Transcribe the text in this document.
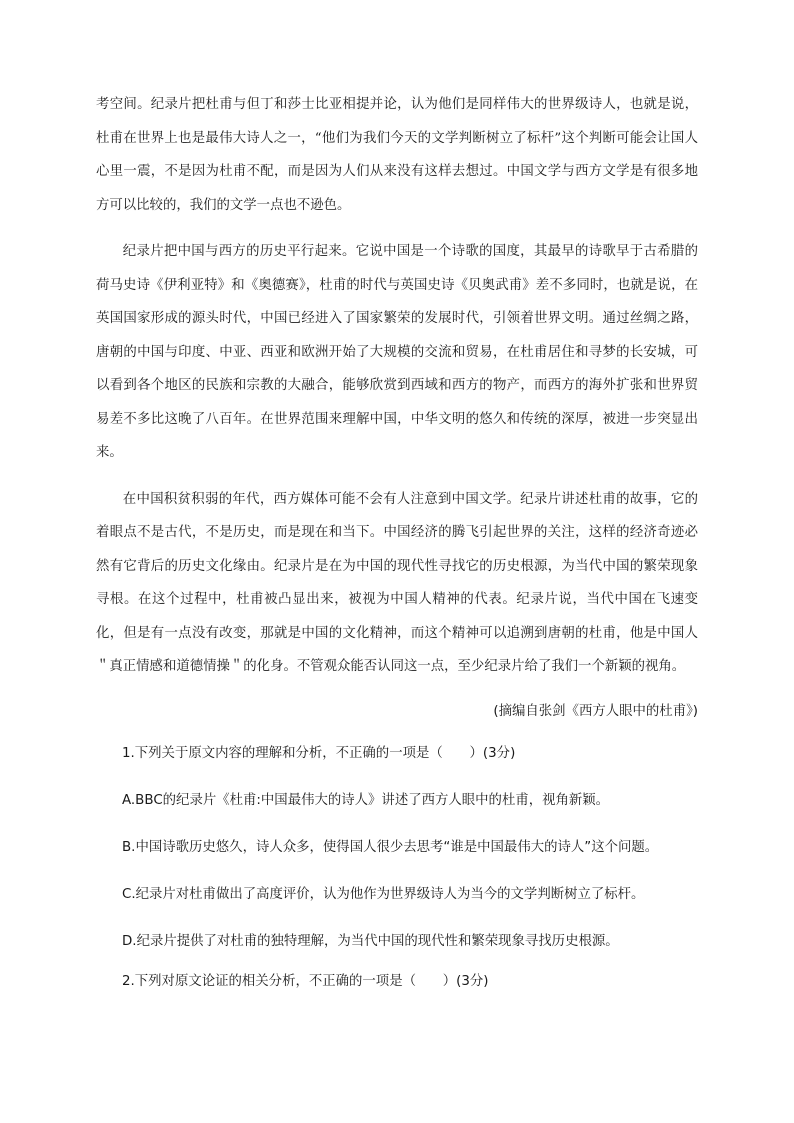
考空间。纪录片把杜甫与但丁和莎士比亚相提并论，认为他们是同样伟大的世界级诗人，也就是说，杜甫在世界上也是最伟大诗人之一，“他们为我们今天的文学判断树立了标杆”这个判断可能会让国人心里一震，不是因为杜甫不配，而是因为人们从来没有这样去想过。中国文学与西方文学是有很多地方可以比较的，我们的文学一点也不逊色。

纪录片把中国与西方的历史平行起来。它说中国是一个诗歌的国度，其最早的诗歌早于古希腊的荷马史诗《伊利亚特》和《奥德赛》，杜甫的时代与英国史诗《贝奥武甫》差不多同时，也就是说，在英国国家形成的源头时代，中国已经进入了国家繁荣的发展时代，引领着世界文明。通过丝绸之路，唐朝的中国与印度、中亚、西亚和欧洲开始了大规模的交流和贸易，在杜甫居住和寻梦的长安城，可以看到各个地区的民族和宗教的大融合，能够欣赏到西域和西方的物产，而西方的海外扩张和世界贸易差不多比这晚了八百年。在世界范围来理解中国，中华文明的悠久和传统的深厚，被进一步突显出来。

在中国积贫积弱的年代，西方媒体可能不会有人注意到中国文学。纪录片讲述杜甫的故事，它的着眼点不是古代，不是历史，而是现在和当下。中国经济的腾飞引起世界的关注，这样的经济奇迹必然有它背后的历史文化缘由。纪录片是在为中国的现代性寻找它的历史根源，为当代中国的繁荣现象寻根。在这个过程中，杜甫被凸显出来，被视为中国人精神的代表。纪录片说，当代中国在飞速变化，但是有一点没有改变，那就是中国的文化精神，而这个精神可以追溯到唐朝的杜甫，他是中国人＂真正情感和道德情操＂的化身。不管观众能否认同这一点，至少纪录片给了我们一个新颖的视角。

(摘编自张剑《西方人眼中的杜甫》)

1.下列关于原文内容的理解和分析，不正确的一项是（　　）(3分)

A.BBC的纪录片《杜甫:中国最伟大的诗人》讲述了西方人眼中的杜甫，视角新颖。

B.中国诗歌历史悠久，诗人众多，使得国人很少去思考“谁是中国最伟大的诗人”这个问题。

C.纪录片对杜甫做出了高度评价，认为他作为世界级诗人为当今的文学判断树立了标杆。

D.纪录片提供了对杜甫的独特理解，为当代中国的现代性和繁荣现象寻找历史根源。

2.下列对原文论证的相关分析，不正确的一项是（　　）(3分)
